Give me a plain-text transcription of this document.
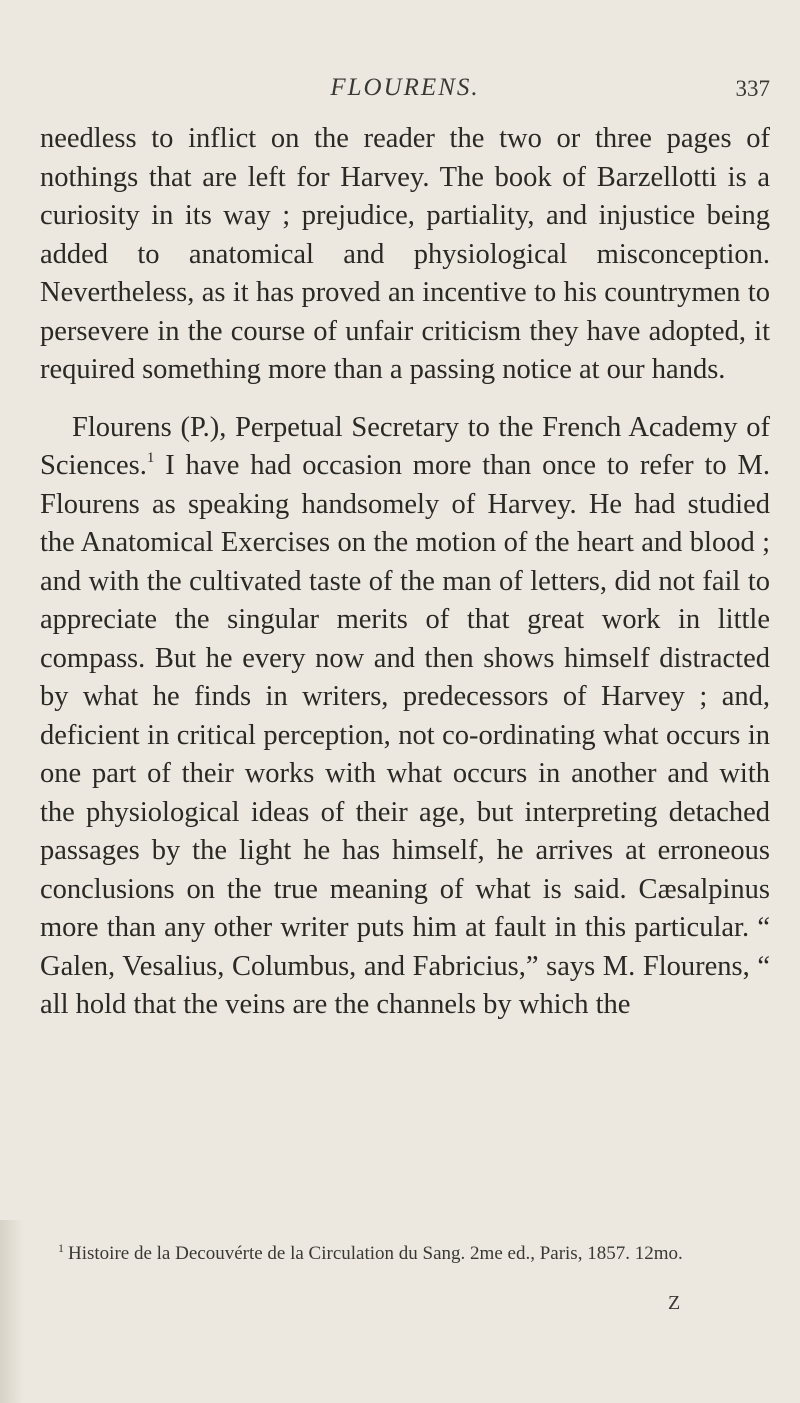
FLOURENS.	337

needless to inflict on the reader the two or three pages of nothings that are left for Harvey. The book of Barzellotti is a curiosity in its way ; prejudice, partiality, and injustice being added to anatomical and physiological misconception. Nevertheless, as it has proved an incentive to his countrymen to persevere in the course of unfair criticism they have adopted, it required something more than a passing notice at our hands.

Flourens (P.), Perpetual Secretary to the French Academy of Sciences.$^1$ I have had occasion more than once to refer to M. Flourens as speaking handsomely of Harvey. He had studied the Anatomical Exercises on the motion of the heart and blood ; and with the cultivated taste of the man of letters, did not fail to appreciate the singular merits of that great work in little compass. But he every now and then shows himself distracted by what he finds in writers, predecessors of Harvey ; and, deficient in critical perception, not co-ordinating what occurs in one part of their works with what occurs in another and with the physiological ideas of their age, but interpreting detached passages by the light he has himself, he arrives at erroneous conclusions on the true meaning of what is said. Cæsalpinus more than any other writer puts him at fault in this particular. “ Galen, Vesalius, Columbus, and Fabricius,” says M. Flourens, “ all hold that the veins are the channels by which the

$^1$ Histoire de la Decouvérte de la Circulation du Sang. 2me ed., Paris, 1857. 12mo.
Z
